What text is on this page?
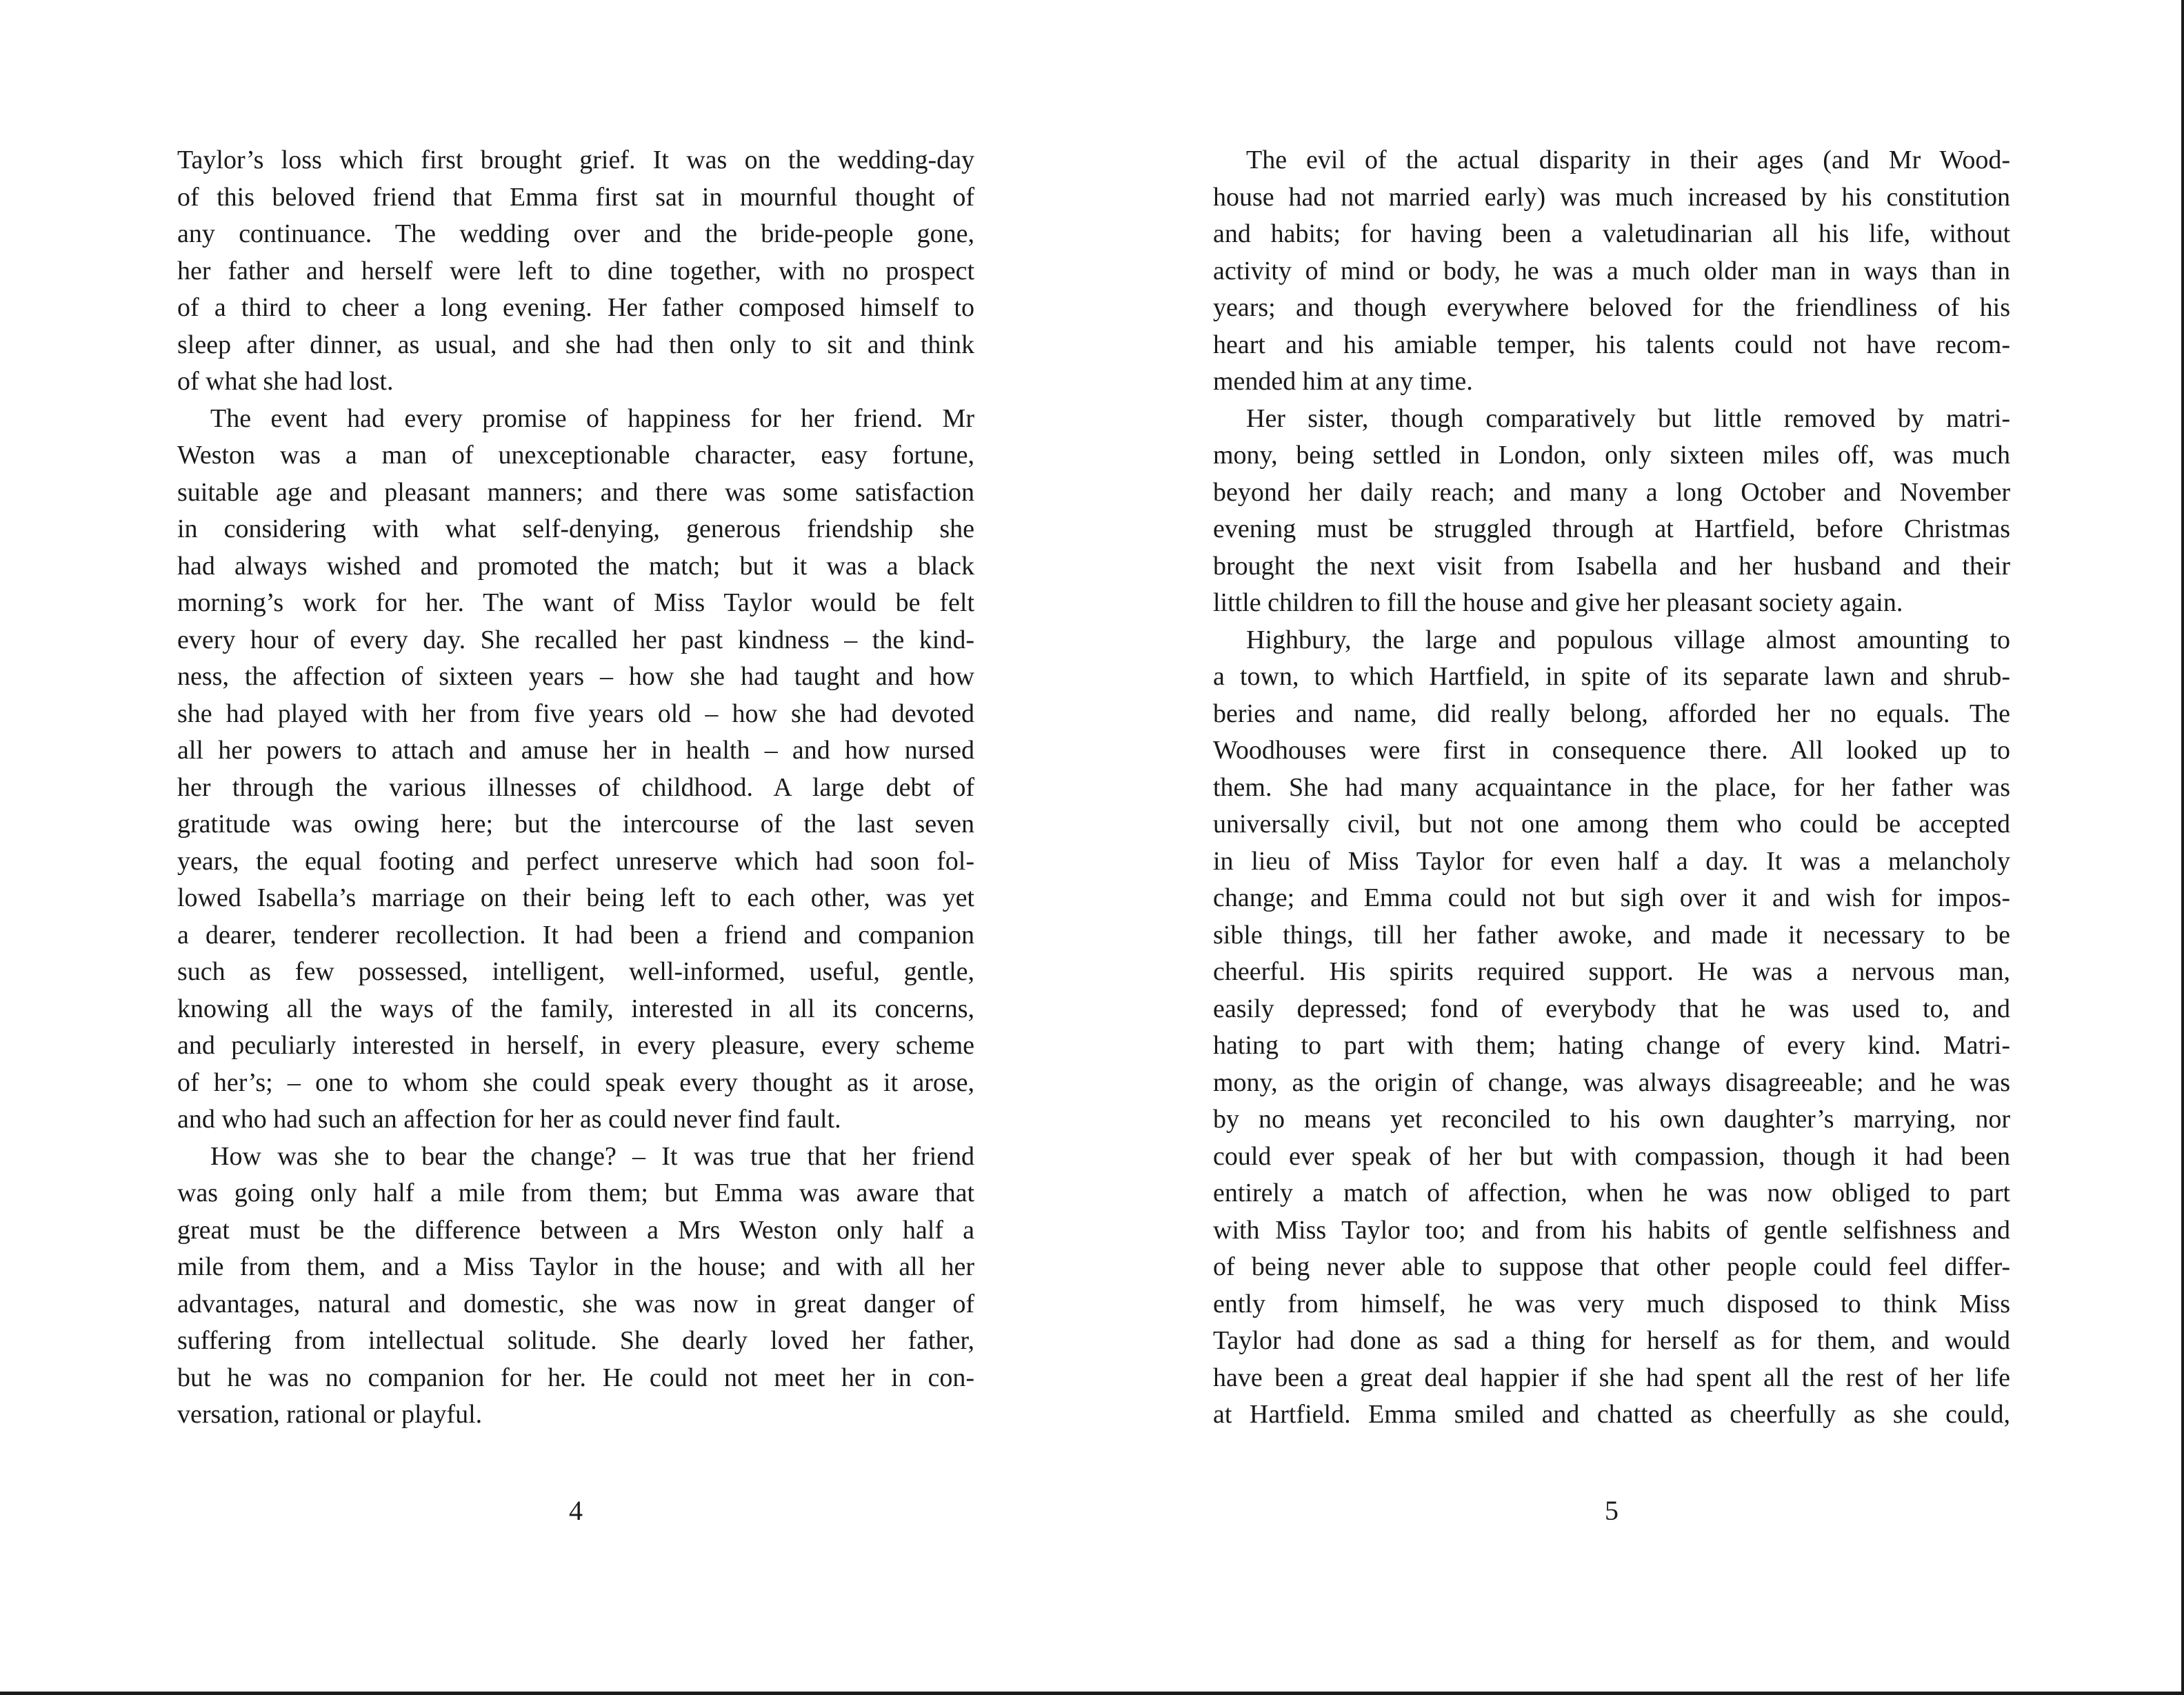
Taylor’s loss which first brought grief. It was on the wedding-day
of this beloved friend that Emma first sat in mournful thought of
any continuance. The wedding over and the bride-people gone,
her father and herself were left to dine together, with no prospect
of a third to cheer a long evening. Her father composed himself to
sleep after dinner, as usual, and she had then only to sit and think
of what she had lost.
The event had every promise of happiness for her friend. Mr
Weston was a man of unexceptionable character, easy fortune,
suitable age and pleasant manners; and there was some satisfaction
in considering with what self-denying, generous friendship she
had always wished and promoted the match; but it was a black
morning’s work for her. The want of Miss Taylor would be felt
every hour of every day. She recalled her past kindness – the kind-
ness, the affection of sixteen years – how she had taught and how
she had played with her from five years old – how she had devoted
all her powers to attach and amuse her in health – and how nursed
her through the various illnesses of childhood. A large debt of
gratitude was owing here; but the intercourse of the last seven
years, the equal footing and perfect unreserve which had soon fol-
lowed Isabella’s marriage on their being left to each other, was yet
a dearer, tenderer recollection. It had been a friend and companion
such as few possessed, intelligent, well-informed, useful, gentle,
knowing all the ways of the family, interested in all its concerns,
and peculiarly interested in herself, in every pleasure, every scheme
of her’s; – one to whom she could speak every thought as it arose,
and who had such an affection for her as could never find fault.
How was she to bear the change? – It was true that her friend
was going only half a mile from them; but Emma was aware that
great must be the difference between a Mrs Weston only half a
mile from them, and a Miss Taylor in the house; and with all her
advantages, natural and domestic, she was now in great danger of
suffering from intellectual solitude. She dearly loved her father,
but he was no companion for her. He could not meet her in con-
versation, rational or playful.
4
The evil of the actual disparity in their ages (and Mr Wood-
house had not married early) was much increased by his constitution
and habits; for having been a valetudinarian all his life, without
activity of mind or body, he was a much older man in ways than in
years; and though everywhere beloved for the friendliness of his
heart and his amiable temper, his talents could not have recom-
mended him at any time.
Her sister, though comparatively but little removed by matri-
mony, being settled in London, only sixteen miles off, was much
beyond her daily reach; and many a long October and November
evening must be struggled through at Hartfield, before Christmas
brought the next visit from Isabella and her husband and their
little children to fill the house and give her pleasant society again.
Highbury, the large and populous village almost amounting to
a town, to which Hartfield, in spite of its separate lawn and shrub-
beries and name, did really belong, afforded her no equals. The
Woodhouses were first in consequence there. All looked up to
them. She had many acquaintance in the place, for her father was
universally civil, but not one among them who could be accepted
in lieu of Miss Taylor for even half a day. It was a melancholy
change; and Emma could not but sigh over it and wish for impos-
sible things, till her father awoke, and made it necessary to be
cheerful. His spirits required support. He was a nervous man,
easily depressed; fond of everybody that he was used to, and
hating to part with them; hating change of every kind. Matri-
mony, as the origin of change, was always disagreeable; and he was
by no means yet reconciled to his own daughter’s marrying, nor
could ever speak of her but with compassion, though it had been
entirely a match of affection, when he was now obliged to part
with Miss Taylor too; and from his habits of gentle selfishness and
of being never able to suppose that other people could feel differ-
ently from himself, he was very much disposed to think Miss
Taylor had done as sad a thing for herself as for them, and would
have been a great deal happier if she had spent all the rest of her life
at Hartfield. Emma smiled and chatted as cheerfully as she could,
5
